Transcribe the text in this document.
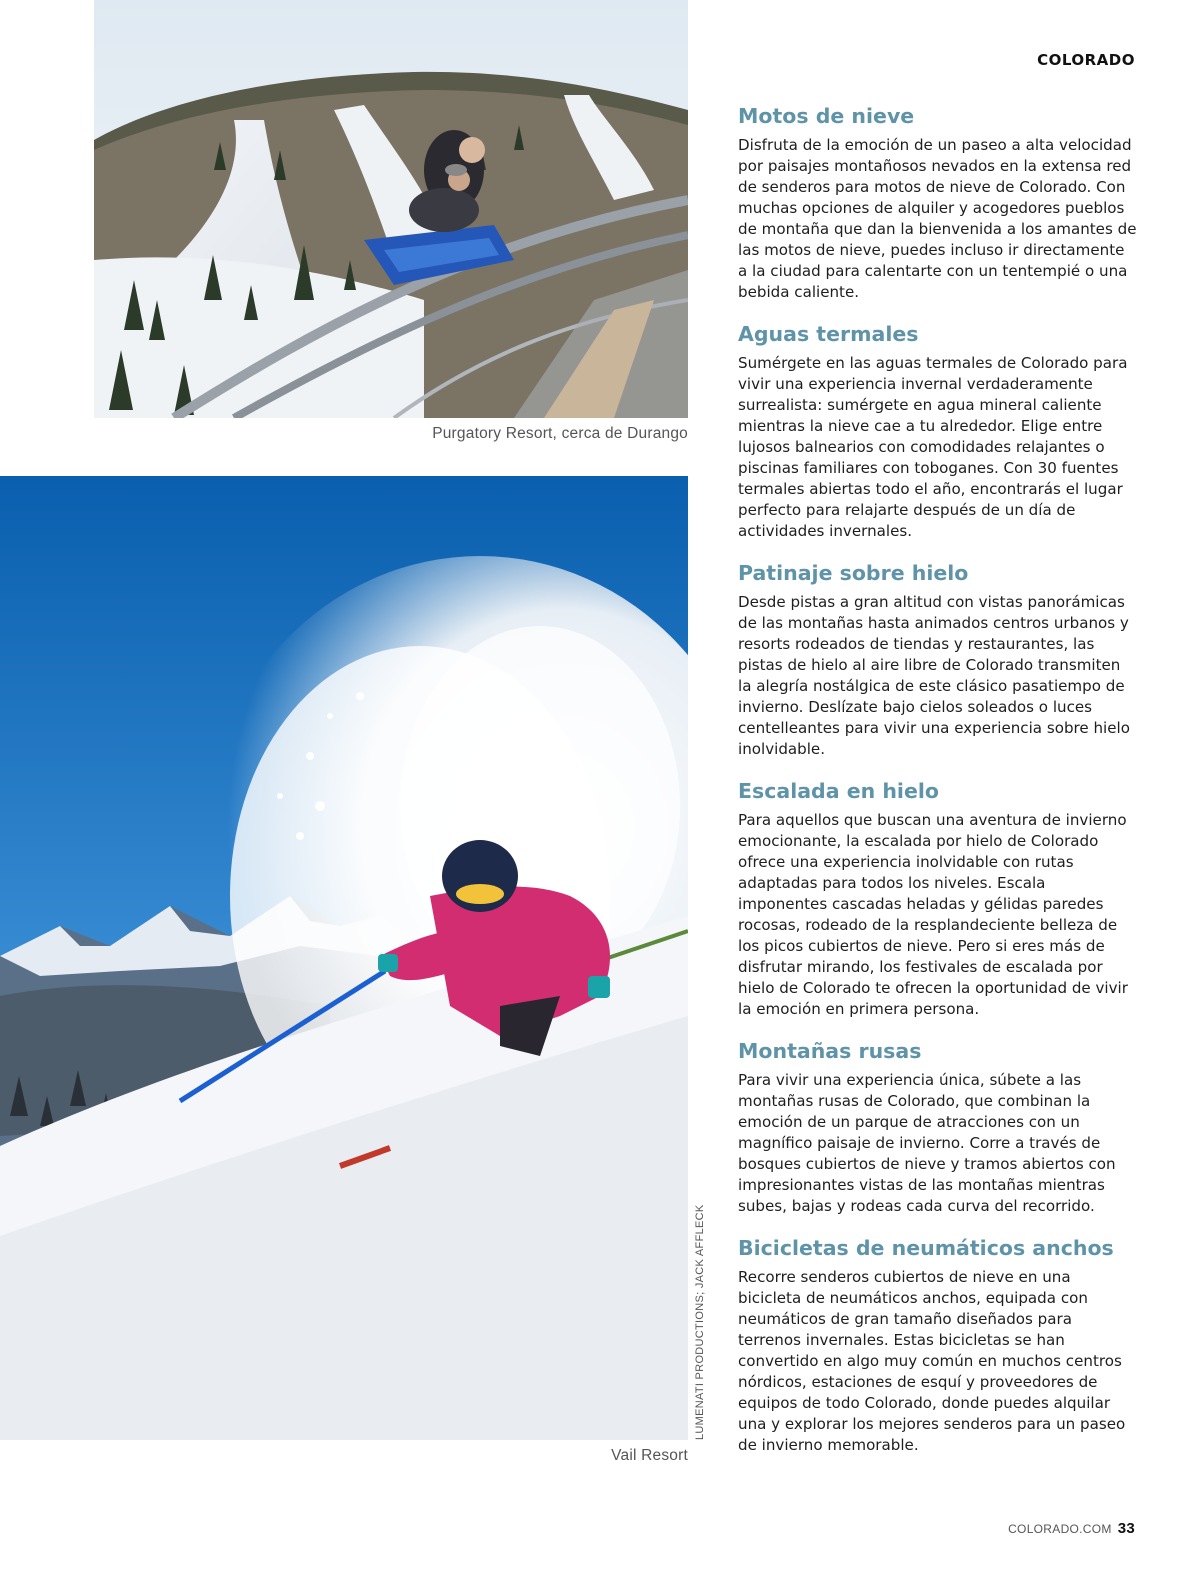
COLORADO
Purgatory Resort, cerca de Durango
LUMENATI PRODUCTIONS; JACK AFFLECK
Vail Resort
Motos de nieve

Disfruta de la emoción de un paseo a alta velocidad por paisajes montañosos nevados en la extensa red de senderos para motos de nieve de Colorado. Con muchas opciones de alquiler y acogedores pueblos de montaña que dan la bienvenida a los amantes de las motos de nieve, puedes incluso ir directamente a la ciudad para calentarte con un tentempié o una bebida caliente.

Aguas termales

Sumérgete en las aguas termales de Colorado para vivir una experiencia invernal verdaderamente surrealista: sumérgete en agua mineral caliente mientras la nieve cae a tu alrededor. Elige entre lujosos balnearios con comodidades relajantes o piscinas familiares con toboganes. Con 30 fuentes termales abiertas todo el año, encontrarás el lugar perfecto para relajarte después de un día de actividades invernales.

Patinaje sobre hielo

Desde pistas a gran altitud con vistas panorámicas de las montañas hasta animados centros urbanos y resorts rodeados de tiendas y restaurantes, las pistas de hielo al aire libre de Colorado transmiten la alegría nostálgica de este clásico pasatiempo de invierno. Deslízate bajo cielos soleados o luces centelleantes para vivir una experiencia sobre hielo inolvidable.

Escalada en hielo

Para aquellos que buscan una aventura de invierno emocionante, la escalada por hielo de Colorado ofrece una experiencia inolvidable con rutas adaptadas para todos los niveles. Escala imponentes cascadas heladas y gélidas paredes rocosas, rodeado de la resplandeciente belleza de los picos cubiertos de nieve. Pero si eres más de disfrutar mirando, los festivales de escalada por hielo de Colorado te ofrecen la oportunidad de vivir la emoción en primera persona.

Montañas rusas

Para vivir una experiencia única, súbete a las montañas rusas de Colorado, que combinan la emoción de un parque de atracciones con un magnífico paisaje de invierno. Corre a través de bosques cubiertos de nieve y tramos abiertos con impresionantes vistas de las montañas mientras subes, bajas y rodeas cada curva del recorrido.

Bicicletas de neumáticos anchos

Recorre senderos cubiertos de nieve en una bicicleta de neumáticos anchos, equipada con neumáticos de gran tamaño diseñados para terrenos invernales. Estas bicicletas se han convertido en algo muy común en muchos centros nórdicos, estaciones de esquí y proveedores de equipos de todo Colorado, donde puedes alquilar una y explorar los mejores senderos para un paseo de invierno memorable.

COLORADO.COM 33
